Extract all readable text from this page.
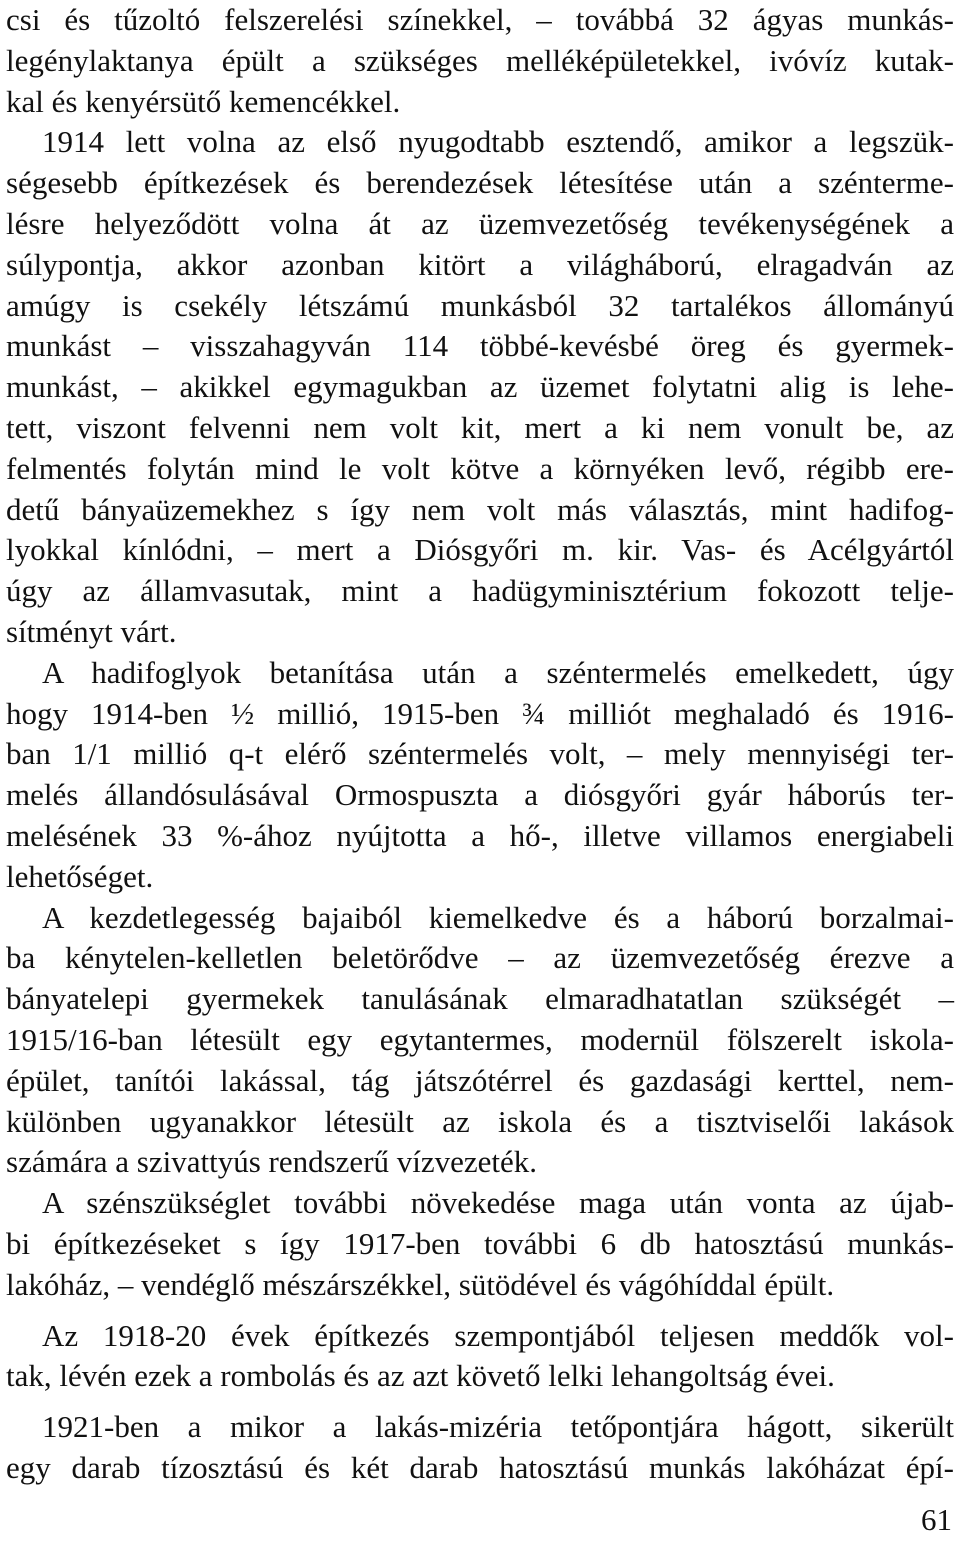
csi és tűzoltó felszerelési színekkel, – továbbá 32 ágyas munkás-
legénylaktanya épült a szükséges melléképületekkel, ivóvíz kutak-
kal és kenyérsütő kemencékkel.
1914 lett volna az első nyugodtabb esztendő, amikor a legszük-
ségesebb építkezések és berendezések létesítése után a széntermе-
lésre helyeződött volna át az üzemvezetőség tevékenységének a
súlypontja, akkor azonban kitört a világháború, elragadván az
amúgy is csekély létszámú munkásból 32 tartalékos állományú
munkást – visszahagyván 114 többé-kevésbé öreg és gyermek-
munkást, – akikkel egymagukban az üzemet folytatni alig is lehe-
tett, viszont felvenni nem volt kit, mert a ki nem vonult be, az
felmentés folytán mind le volt kötve a környéken levő, régibb ere-
detű bányaüzemekhez s így nem volt más választás, mint hadifog-
lyokkal kínlódni, – mert a Diósgyőri m. kir. Vas- és Acélgyártól
úgy az államvasutak, mint a hadügyminisztérium fokozott telje-
sítményt várt.
A hadifoglyok betanítása után a széntermelés emelkedett, úgy
hogy 1914-ben ½ millió, 1915-ben ¾ milliót meghaladó és 1916-
ban 1/1 millió q-t elérő széntermelés volt, – mely mennyiségi ter-
melés állandósulásával Ormospuszta a diósgyőri gyár háborús ter-
melésének 33 %-ához nyújtotta a hő-, illetve villamos energiabeli
lehetőséget.
A kezdetlegesség bajaiból kiemelkedve és a háború borzalmai-
ba kénytelen-kelletlen beletörődve – az üzemvezetőség érezve a
bányatelepi gyermekek tanulásának elmaradhatatlan szükségét –
1915/16-ban létesült egy egytantermes, modernül fölszerelt iskola-
épület, tanítói lakással, tág játszótérrel és gazdasági kerttel, nem-
különben ugyanakkor létesült az iskola és a tisztviselői lakások
számára a szivattyús rendszerű vízvezeték.
A szénszükséglet további növekedése maga után vonta az újab-
bi építkezéseket s így 1917-ben további 6 db hatosztású munkás-
lakóház, – vendéglő mészárszékkel, sütödével és vágóhíddal épült.
Az 1918-20 évek építkezés szempontjából teljesen meddők vol-
tak, lévén ezek a rombolás és az azt követő lelki lehangoltság évei.
1921-ben a mikor a lakás-mizéria tetőpontjára hágott, sikerült
egy darab tízosztású és két darab hatosztású munkás lakóházat épí-
61
